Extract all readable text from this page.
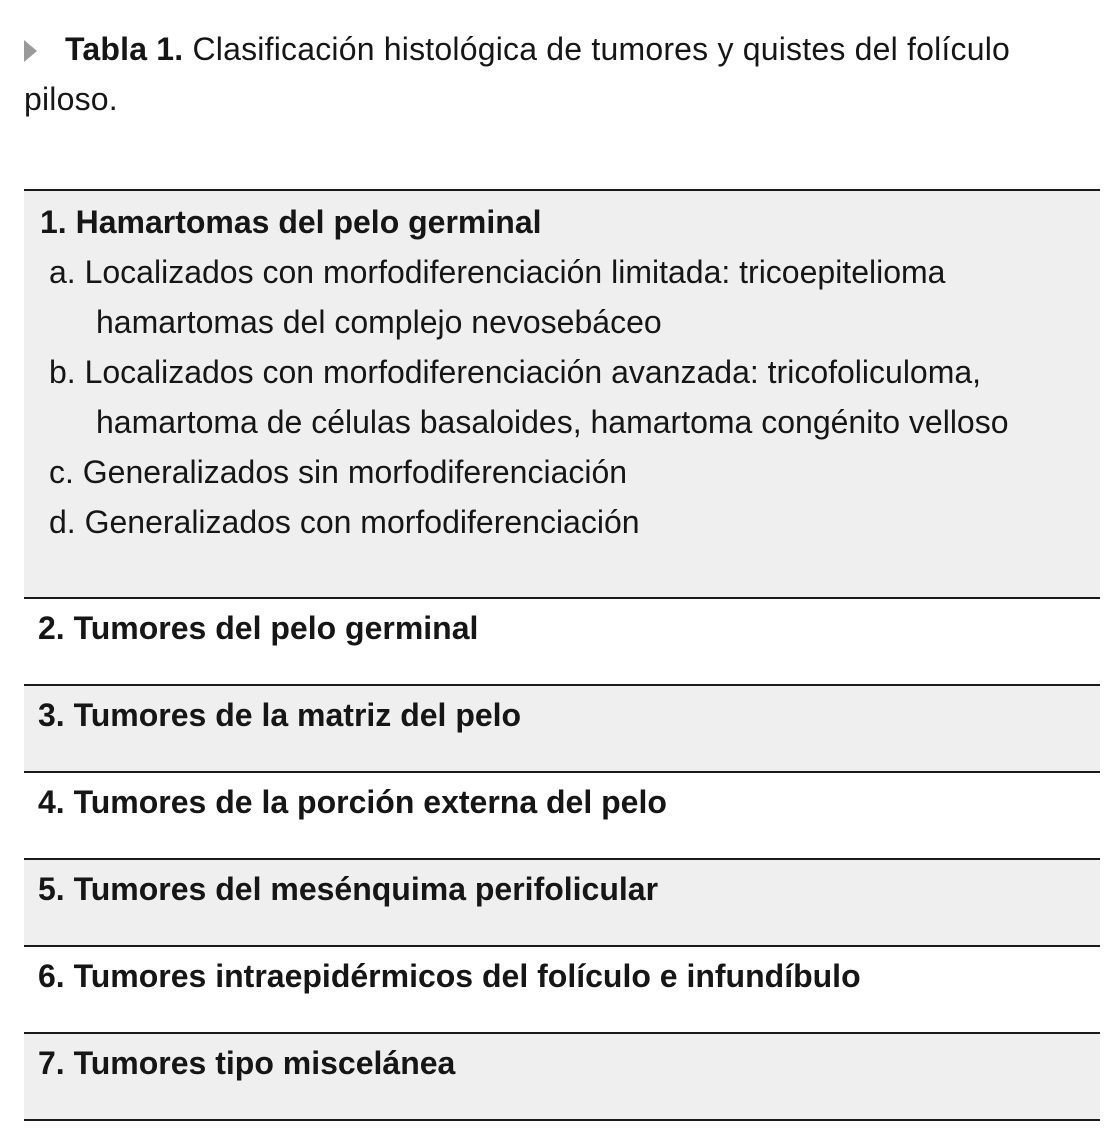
Tabla 1. Clasificación histológica de tumores y quistes del folículo piloso.
1. Hamartomas del pelo germinal
a. Localizados con morfodiferenciación limitada: tricoepitelioma hamartomas del complejo nevosebáceo
b. Localizados con morfodiferenciación avanzada: tricofoliculoma, hamartoma de células basaloides, hamartoma congénito velloso
c. Generalizados sin morfodiferenciación
d. Generalizados con morfodiferenciación

2. Tumores del pelo germinal

3. Tumores de la matriz del pelo

4. Tumores de la porción externa del pelo

5. Tumores del mesénquima perifolicular

6. Tumores intraepidérmicos del folículo e infundíbulo

7. Tumores tipo miscelánea
